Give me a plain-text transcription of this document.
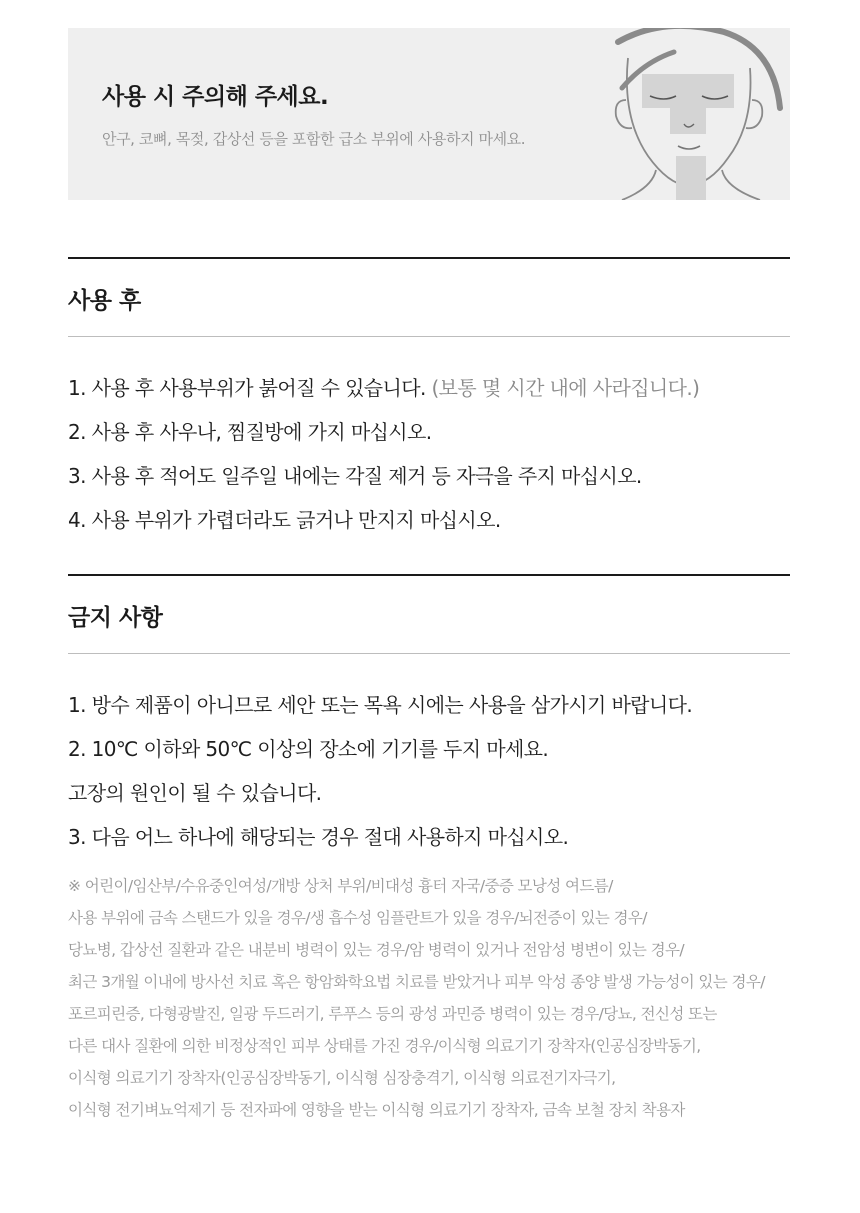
사용 시 주의해 주세요.
안구, 코뼈, 목젖, 갑상선 등을 포함한 급소 부위에 사용하지 마세요.
사용 후
1. 사용 후 사용부위가 붉어질 수 있습니다. (보통 몇 시간 내에 사라집니다.)
2. 사용 후 사우나, 찜질방에 가지 마십시오.
3. 사용 후 적어도 일주일 내에는 각질 제거 등 자극을 주지 마십시오.
4. 사용 부위가 가렵더라도 긁거나 만지지 마십시오.
금지 사항
1. 방수 제품이 아니므로 세안 또는 목욕 시에는 사용을 삼가시기 바랍니다.
2. 10℃ 이하와 50℃ 이상의 장소에 기기를 두지 마세요.
고장의 원인이 될 수 있습니다.
3. 다음 어느 하나에 해당되는 경우 절대 사용하지 마십시오.
※ 어린이/임산부/수유중인여성/개방 상처 부위/비대성 흉터 자국/중증 모낭성 여드름/
사용 부위에 금속 스탠드가 있을 경우/생 흡수성 임플란트가 있을 경우/뇌전증이 있는 경우/
당뇨병, 갑상선 질환과 같은 내분비 병력이 있는 경우/암 병력이 있거나 전암성 병변이 있는 경우/
최근 3개월 이내에 방사선 치료 혹은 항암화학요법 치료를 받았거나 피부 악성 종양 발생 가능성이 있는 경우/
포르피린증, 다형광발진, 일광 두드러기, 루푸스 등의 광성 과민증 병력이 있는 경우/당뇨, 전신성 또는
다른 대사 질환에 의한 비정상적인 피부 상태를 가진 경우/이식형 의료기기 장착자(인공심장박동기,
이식형 의료기기 장착자(인공심장박동기, 이식형 심장충격기, 이식형 의료전기자극기,
이식형 전기벼뇨억제기 등 전자파에 영향을 받는 이식형 의료기기 장착자, 금속 보철 장치 착용자
